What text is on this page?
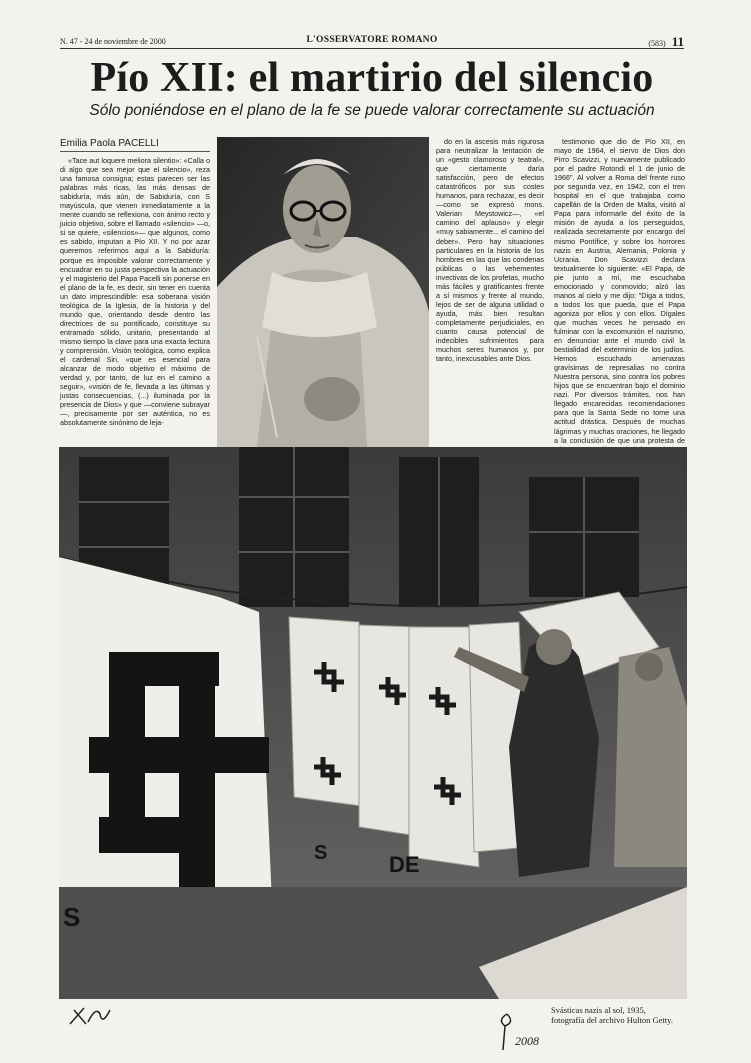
N. 47 - 24 de noviembre de 2000	L'OSSERVATORE ROMANO	(583) 11
Pío XII: el martirio del silencio
Sólo poniéndose en el plano de la fe se puede valorar correctamente su actuación
Emilia Paola PACELLI

«Tace aut loquere meliora silentio»: «Calla o di algo que sea mejor que el silencio», reza una famosa consigna; estas parecen ser las palabras más ricas, las más densas de sabiduría, más aún, de Sabiduría, con S mayúscula, que vienen inmediatamente a la mente cuando se reflexiona, con ánimo recto y juicio objetivo, sobre el llamado «silencio» —o, si se quiere, «silencios»— que algunos, como es sabido, imputan a Pío XII. Y no por azar queremos referirnos aquí a la Sabiduría: porque es imposible valorar correctamente y encuadrar en su justa perspectiva la actuación y el magisterio del Papa Pacelli sin ponerse en el plano de la fe, es decir, sin tener en cuenta un dato imprescindible: esa soberana visión teológica de la Iglesia, de la historia y del mundo que, orientando desde dentro las directrices de su pontificado, constituye su entramado sólido, unitario, presentando al mismo tiempo la clave para una exacta lectura y comprensión. Visión teológica, como explica el cardenal Siri, «que es esencial para alcanzar de modo objetivo el máximo de verdad y, por tanto, de luz en el camino a seguir», «visión de fe, llevada a las últimas y justas consecuencias, (...) iluminada por la presencia de Dios» y que —conviene subrayar—, precisamente por ser auténtica, no es absolutamente sinónimo de leja-

do en la ascesis más rigurosa para neutralizar la tentación de un «gesto clamoroso y teatral», que ciertamente daría satisfacción, pero de efectos catastróficos por sus costes humanos, para rechazar, es decir —como se expresó mons. Valerian Meystowicz—, «el camino del aplauso» y elegir «muy sabiamente... el camino del deber». Pero hay situaciones particulares en la historia de los hombres en las que las condenas públicas o las vehementes invectivas de los profetas, mucho más fáciles y gratificantes frente a sí mismos y frente al mundo, lejos de ser de alguna utilidad o ayuda, más bien resultan completamente perjudiciales, en cuanto causa potencial de indecibles sufrimientos para muchos seres humanos y, por tanto, inexcusables ante Dios.

testimonio que dio de Pío XII, en mayo de 1964, el siervo de Dios don Pirro Scavizzi, y nuevamente publicado por el padre Rotondi el 1 de junio de 1966". Al volver a Roma del frente ruso por segunda vez, en 1942, con el tren hospital en el que trabajaba como capellán de la Orden de Malta, visitó al Papa para informarle del éxito de la misión de ayuda a los perseguidos, realizada secretamente por encargo del mismo Pontífice, y sobre los horrores nazis en Austria, Alemania, Polonia y Ucrania. Don Scavizzi declara textualmente lo siguiente: «El Papa, de pie junto a mí, me escuchaba emocionado y conmovido; alzó las manos al cielo y me dijo: "Diga a todos, a todos los que pueda, que el Papa agoniza por ellos y con ellos. Dígales que muchas veces he pensado en fulminar con la excomunión el nazismo, en denunciar ante el mundo civil la bestialidad del exterminio de los judíos. Hemos escuchado amenazas gravísimas de represalias no contra Nuestra persona, sino contra los pobres hijos que se encuentran bajo el dominio nazi. Por diversos trámites, nos han llegado encarecidas recomendaciones para que la Santa Sede no tome una actitud drástica. Después de muchas lágrimas y muchas oraciones, he llegado a la conclusión de que una protesta de

S
DE
S
2008
Svásticas nazis al sol, 1935,
fotografía del archivo Hulton Getty.
